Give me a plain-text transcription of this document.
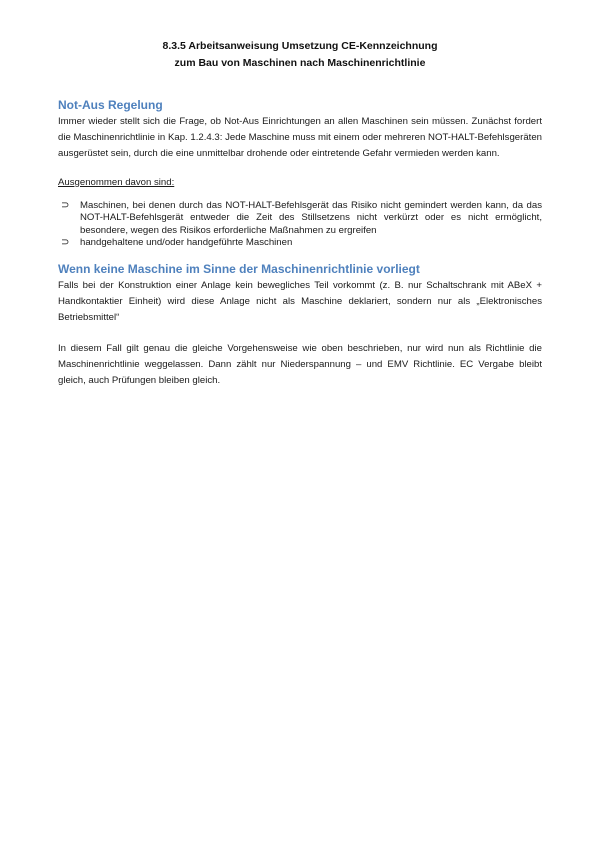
8.3.5 Arbeitsanweisung Umsetzung CE-Kennzeichnung
zum Bau von Maschinen nach Maschinenrichtlinie
Not-Aus Regelung

Immer wieder stellt sich die Frage, ob Not-Aus Einrichtungen an allen Maschinen sein müssen. Zunächst fordert die Maschinenrichtlinie in Kap. 1.2.4.3: Jede Maschine muss mit einem oder mehreren NOT-HALT-Befehlsgeräten ausgerüstet sein, durch die eine unmittelbar drohende oder eintretende Gefahr vermieden werden kann.

Ausgenommen davon sind:

⊃ Maschinen, bei denen durch das NOT-HALT-Befehlsgerät das Risiko nicht gemindert werden kann, da das NOT-HALT-Befehlsgerät entweder die Zeit des Stillsetzens nicht verkürzt oder es nicht ermöglicht, besondere, wegen des Risikos erforderliche Maßnahmen zu ergreifen
⊃ handgehaltene und/oder handgeführte Maschinen
Wenn keine Maschine im Sinne der Maschinenrichtlinie vorliegt

Falls bei der Konstruktion einer Anlage kein bewegliches Teil vorkommt (z. B. nur Schaltschrank mit ABeX + Handkontaktier Einheit) wird diese Anlage nicht als Maschine deklariert, sondern nur als „Elektronisches Betriebsmittel“

In diesem Fall gilt genau die gleiche Vorgehensweise wie oben beschrieben, nur wird nun als Richtlinie die Maschinenrichtlinie weggelassen. Dann zählt nur Niederspannung – und EMV Richtlinie. EC Vergabe bleibt gleich, auch Prüfungen bleiben gleich.
